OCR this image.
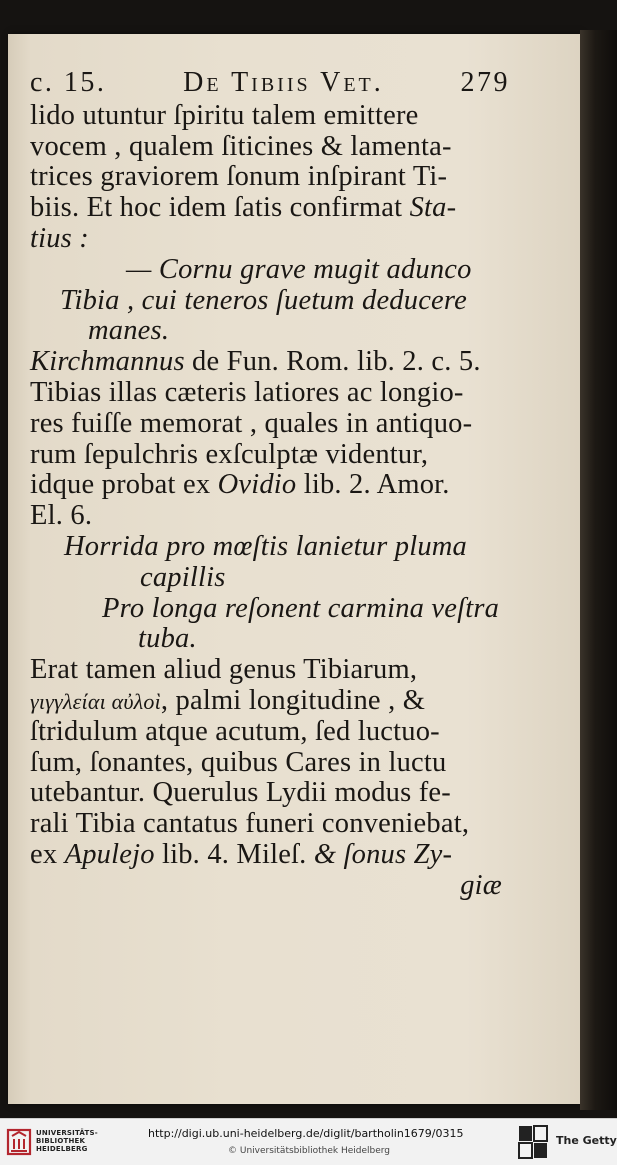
c. 15.	De Tibiis Vet.	279
lido utuntur ſpiritu talem emittere
vocem , qualem ſiticines & lamenta-
trices graviorem ſonum inſpirant Ti-
biis. Et hoc idem ſatis confirmat Sta-
tius :
— Cornu grave mugit adunco
Tibia , cui teneros ſuetum deducere
manes.
Kirchmannus de Fun. Rom. lib. 2. c. 5.
Tibias illas cæteris latiores ac longio-
res fuiſſe memorat , quales in antiquo-
rum ſepulchris exſculptæ videntur,
idque probat ex Ovidio lib. 2. Amor.
El. 6.
Horrida pro mœſtis lanietur pluma
capillis
Pro longa reſonent carmina veſtra
tuba.
Erat tamen aliud genus Tibiarum,
γιγγλείαι αὐλοὶ, palmi longitudine , &
ſtridulum atque acutum, ſed luctuo-
ſum, ſonantes, quibus Cares in luctu
utebantur. Querulus Lydii modus fe-
rali Tibia cantatus funeri conveniebat,
ex Apulejo lib. 4. Mileſ. & ſonus Zy-
giæ
UNIVERSITÄTS-
BIBLIOTHEK
HEIDELBERG
http://digi.ub.uni-heidelberg.de/diglit/bartholin1679/0315
© Universitätsbibliothek Heidelberg
The Getty
